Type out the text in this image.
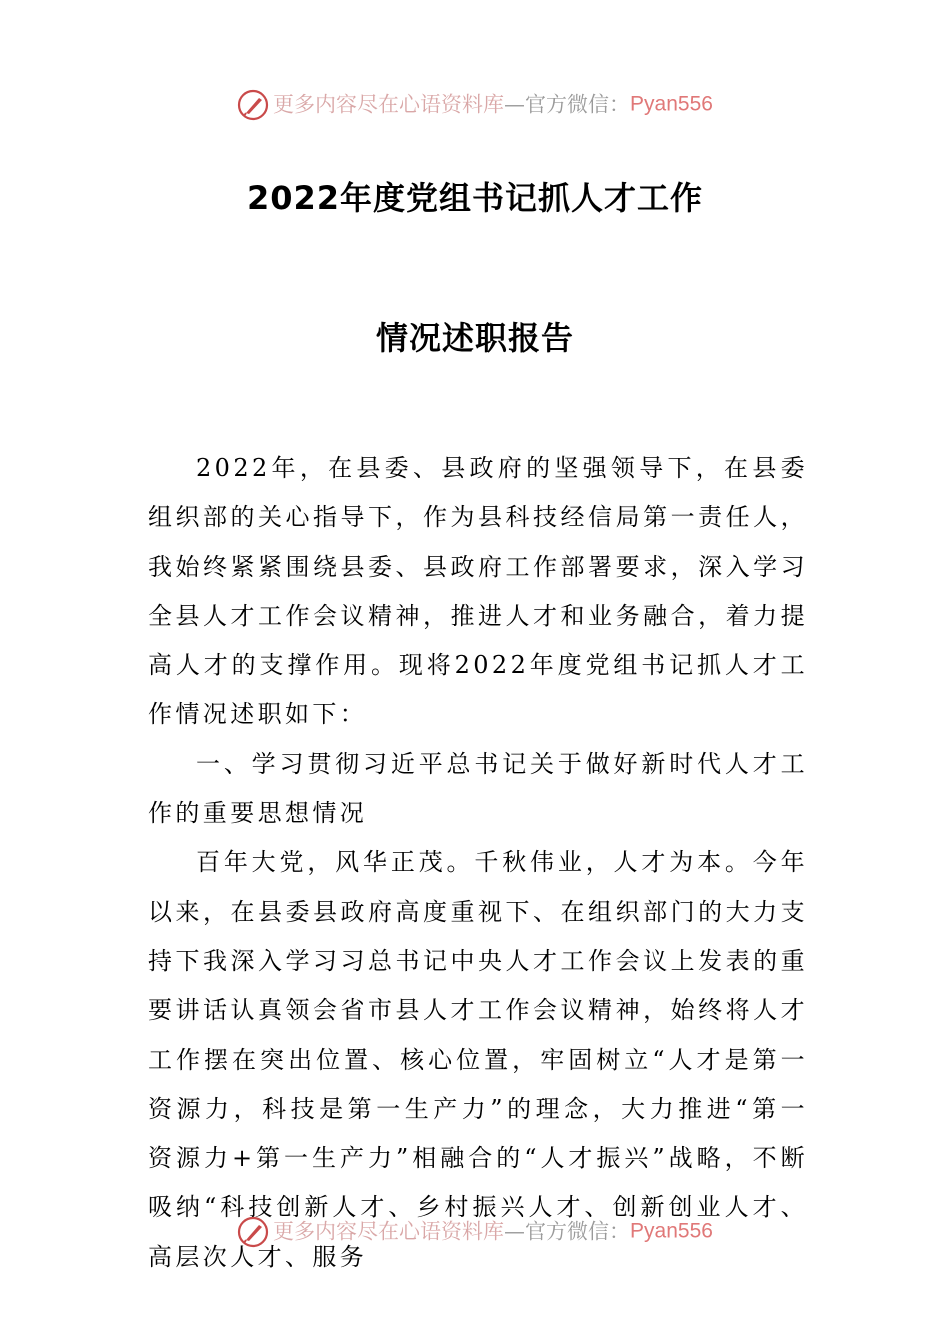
更多内容尽在心语资料库—官方微信：Pyan556
2022年度党组书记抓人才工作
情况述职报告

2022年，在县委、县政府的坚强领导下，在县委组织部的关心指导下，作为县科技经信局第一责任人，我始终紧紧围绕县委、县政府工作部署要求，深入学习全县人才工作会议精神，推进人才和业务融合，着力提高人才的支撑作用。现将2022年度党组书记抓人才工作情况述职如下：

一、学习贯彻习近平总书记关于做好新时代人才工作的重要思想情况

百年大党，风华正茂。千秋伟业，人才为本。今年以来，在县委县政府高度重视下、在组织部门的大力支持下我深入学习习总书记中央人才工作会议上发表的重要讲话认真领会省市县人才工作会议精神，始终将人才工作摆在突出位置、核心位置，牢固树立“人才是第一资源力，科技是第一生产力”的理念，大力推进“第一资源力+第一生产力”相融合的“人才振兴”战略，不断吸纳“科技创新人才、乡村振兴人才、创新创业人才、高层次人才、服务

更多内容尽在心语资料库—官方微信：Pyan556
